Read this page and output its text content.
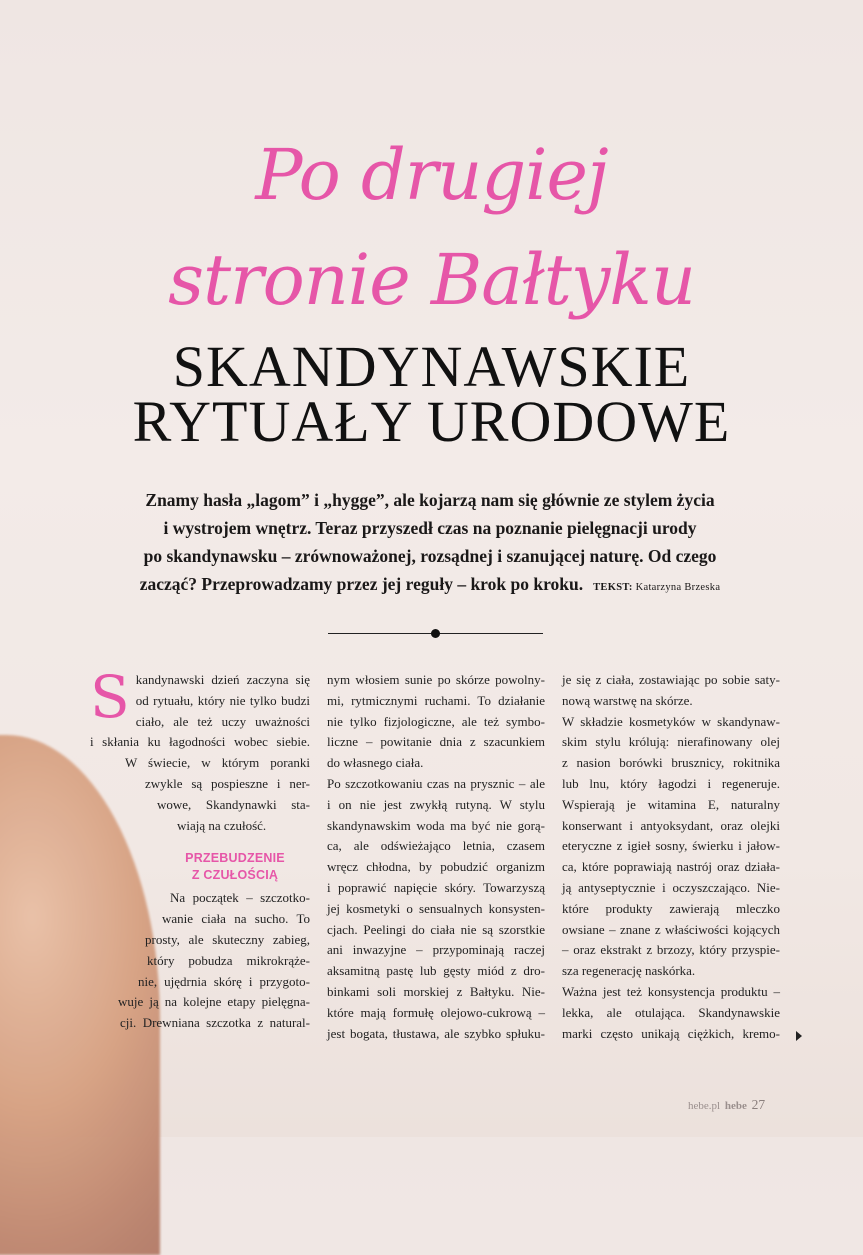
Po drugiej
stronie Bałtyku
SKANDYNAWSKIE
RYTUAŁY URODOWE
Znamy hasła „lagom” i „hygge”, ale kojarzą nam się głównie ze stylem życia
i wystrojem wnętrz. Teraz przyszedł czas na poznanie pielęgnacji urody
po skandynawsku – zrównoważonej, rozsądnej i szanującej naturę. Od czego
zacząć? Przeprowadzamy przez jej reguły – krok po kroku. TEKST: Katarzyna Brzeska
S kandynawski dzień zaczyna się
od rytuału, który nie tylko budzi
ciało, ale też uczy uważności
i skłania ku łagodności wobec siebie.
W świecie, w którym poranki
zwykle są pospieszne i ner-
wowe, Skandynawki sta-
wiają na czułość.
PRZEBUDZENIE
Z CZUŁOŚCIĄ
Na początek – szczotko-
wanie ciała na sucho. To
prosty, ale skuteczny zabieg,
który pobudza mikrokrąże-
nie, ujędrnia skórę i przygoto-
wuje ją na kolejne etapy pielęgna-
cji. Drewniana szczotka z natural-
nym włosiem sunie po skórze powolny-
mi, rytmicznymi ruchami. To działanie
nie tylko fizjologiczne, ale też symbo-
liczne – powitanie dnia z szacunkiem
do własnego ciała.
Po szczotkowaniu czas na prysznic – ale
i on nie jest zwykłą rutyną. W stylu
skandynawskim woda ma być nie gorą-
ca, ale odświeżająco letnia, czasem
wręcz chłodna, by pobudzić organizm
i poprawić napięcie skóry. Towarzyszą
jej kosmetyki o sensualnych konsysten-
cjach. Peelingi do ciała nie są szorstkie
ani inwazyjne – przypominają raczej
aksamitną pastę lub gęsty miód z dro-
binkami soli morskiej z Bałtyku. Nie-
które mają formułę olejowo-cukrową –
jest bogata, tłustawa, ale szybko spłuku-
je się z ciała, zostawiając po sobie saty-
nową warstwę na skórze.
W składzie kosmetyków w skandynaw-
skim stylu królują: nierafinowany olej
z nasion borówki brusznicy, rokitnika
lub lnu, który łagodzi i regeneruje.
Wspierają je witamina E, naturalny
konserwant i antyoksydant, oraz olejki
eteryczne z igieł sosny, świerku i jałow-
ca, które poprawiają nastrój oraz działa-
ją antyseptycznie i oczyszczająco. Nie-
które produkty zawierają mleczko
owsiane – znane z właściwości kojących
– oraz ekstrakt z brzozy, który przyspie-
sza regenerację naskórka.
Ważna jest też konsystencja produktu –
lekka, ale otulająca. Skandynawskie
marki często unikają ciężkich, kremo-
hebe.pl hebe 27
